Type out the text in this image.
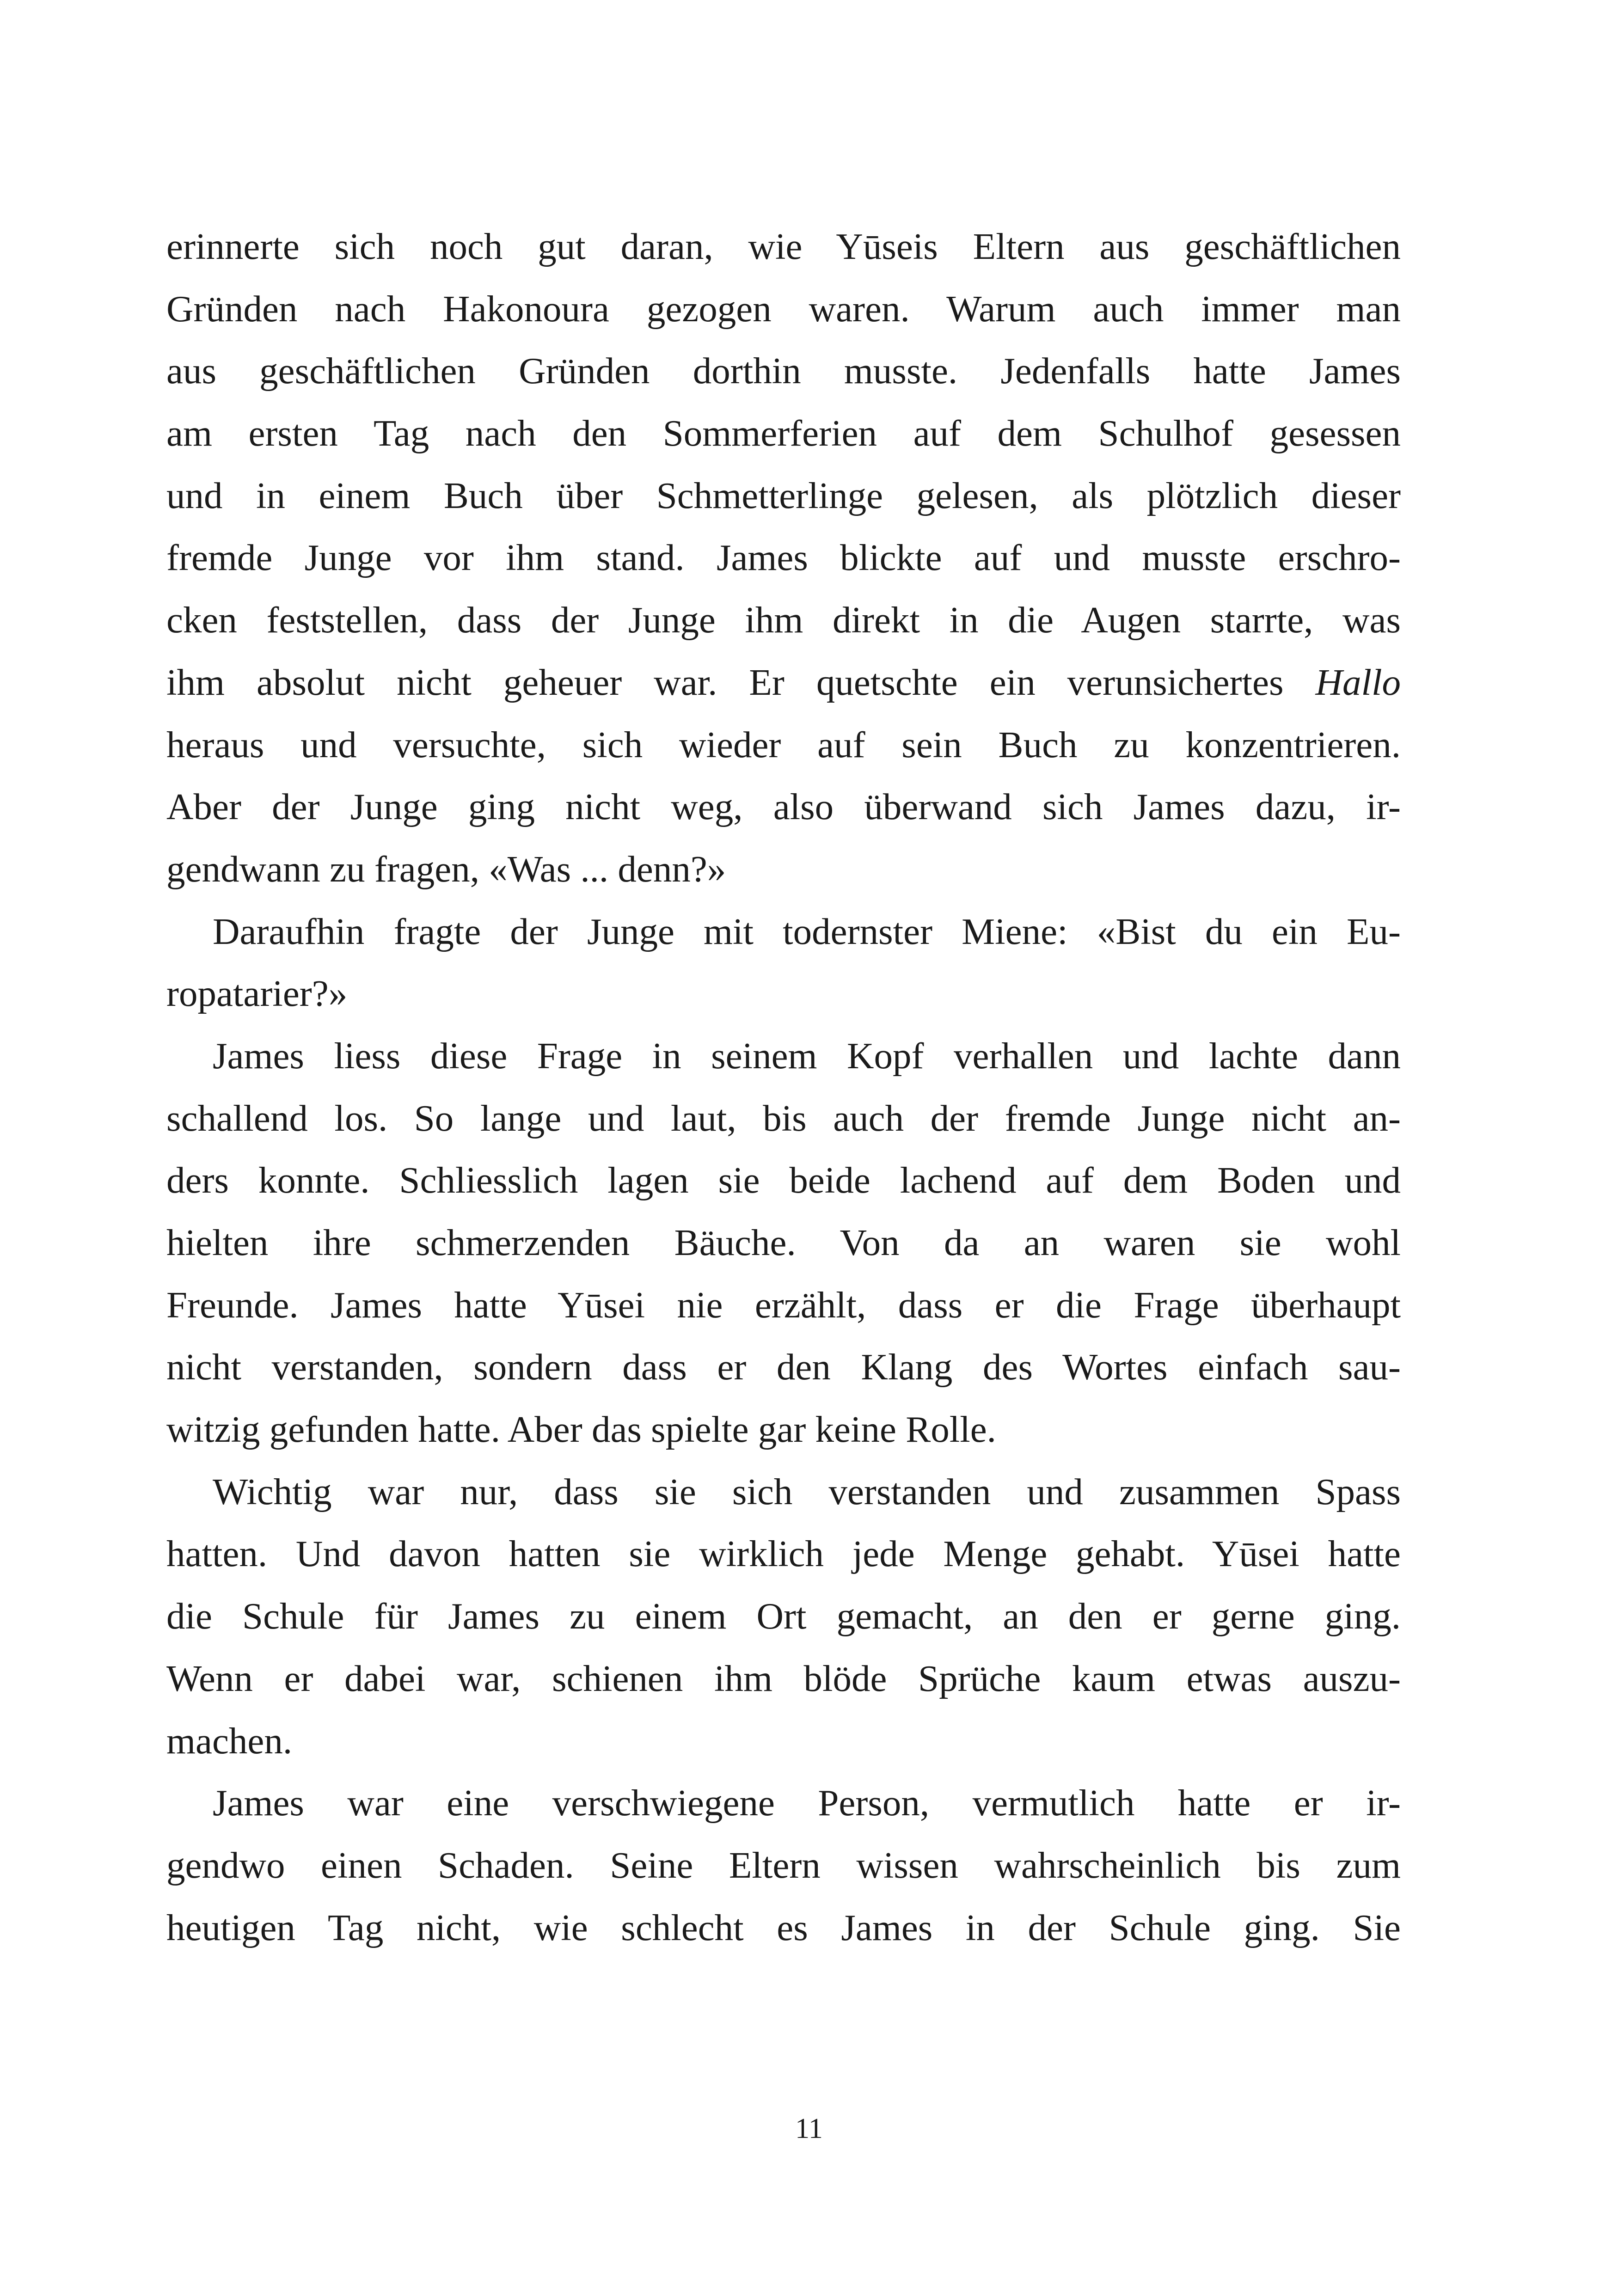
erinnerte sich noch gut daran, wie Yūseis Eltern aus geschäftlichen
Gründen nach Hakonoura gezogen waren. Warum auch immer man
aus geschäftlichen Gründen dorthin musste. Jedenfalls hatte James
am ersten Tag nach den Sommerferien auf dem Schulhof gesessen
und in einem Buch über Schmetterlinge gelesen, als plötzlich dieser
fremde Junge vor ihm stand. James blickte auf und musste erschro-
cken feststellen, dass der Junge ihm direkt in die Augen starrte, was
ihm absolut nicht geheuer war. Er quetschte ein verunsichertes Hallo
heraus und versuchte, sich wieder auf sein Buch zu konzentrieren.
Aber der Junge ging nicht weg, also überwand sich James dazu, ir-
gendwann zu fragen, «Was ... denn?»
Daraufhin fragte der Junge mit todernster Miene: «Bist du ein Eu-
ropatarier?»
James liess diese Frage in seinem Kopf verhallen und lachte dann
schallend los. So lange und laut, bis auch der fremde Junge nicht an-
ders konnte. Schliesslich lagen sie beide lachend auf dem Boden und
hielten ihre schmerzenden Bäuche. Von da an waren sie wohl
Freunde. James hatte Yūsei nie erzählt, dass er die Frage überhaupt
nicht verstanden, sondern dass er den Klang des Wortes einfach sau-
witzig gefunden hatte. Aber das spielte gar keine Rolle.
Wichtig war nur, dass sie sich verstanden und zusammen Spass
hatten. Und davon hatten sie wirklich jede Menge gehabt. Yūsei hatte
die Schule für James zu einem Ort gemacht, an den er gerne ging.
Wenn er dabei war, schienen ihm blöde Sprüche kaum etwas auszu-
machen.
James war eine verschwiegene Person, vermutlich hatte er ir-
gendwo einen Schaden. Seine Eltern wissen wahrscheinlich bis zum
heutigen Tag nicht, wie schlecht es James in der Schule ging. Sie
11
